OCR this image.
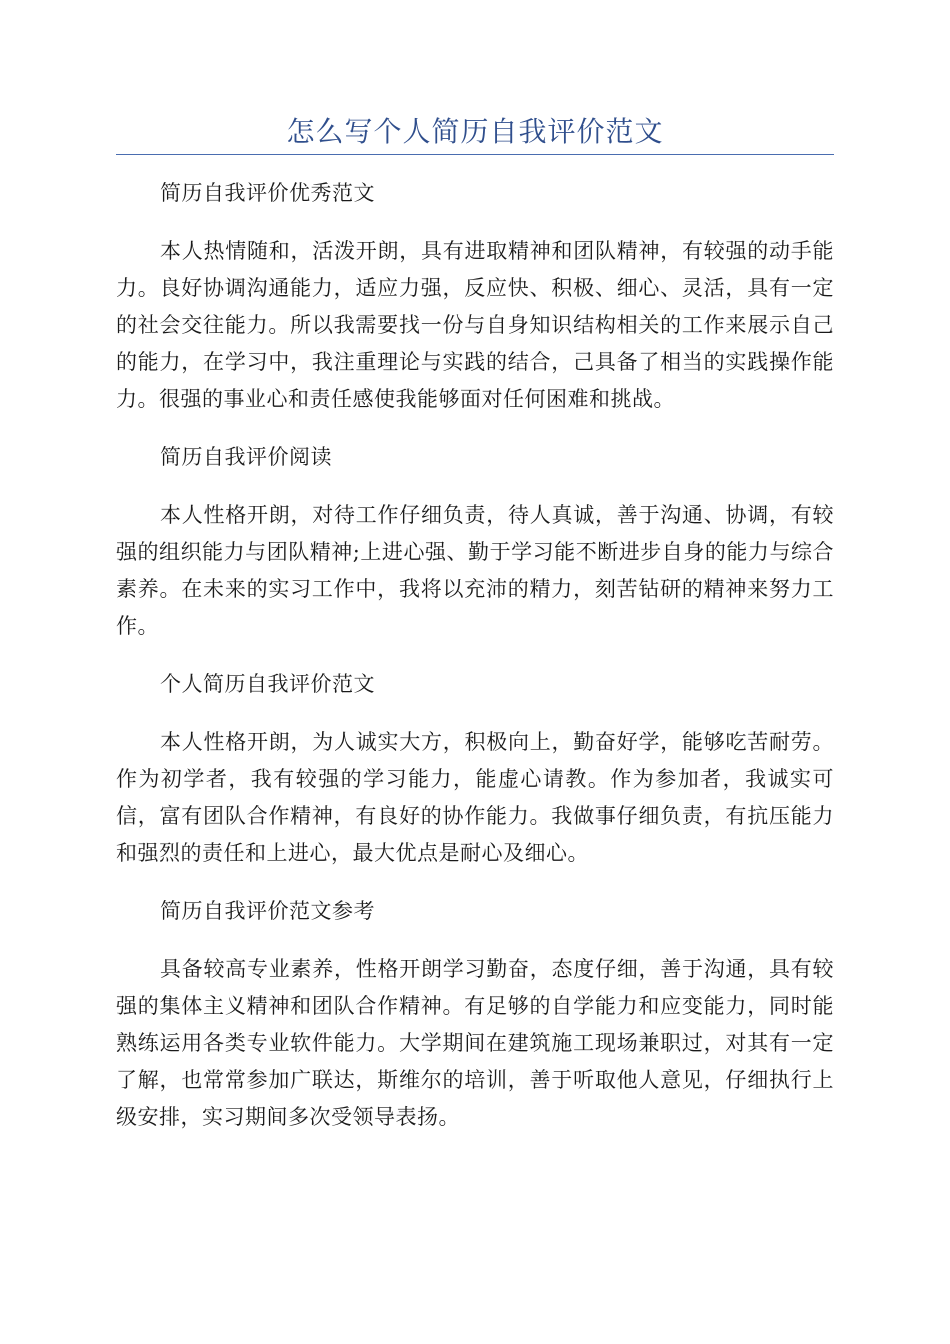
怎么写个人简历自我评价范文

简历自我评价优秀范文

本人热情随和，活泼开朗，具有进取精神和团队精神，有较强的动手能力。良好协调沟通能力，适应力强，反应快、积极、细心、灵活，具有一定的社会交往能力。所以我需要找一份与自身知识结构相关的工作来展示自己的能力，在学习中，我注重理论与实践的结合，己具备了相当的实践操作能力。很强的事业心和责任感使我能够面对任何困难和挑战。

简历自我评价阅读

本人性格开朗，对待工作仔细负责，待人真诚，善于沟通、协调，有较强的组织能力与团队精神;上进心强、勤于学习能不断进步自身的能力与综合素养。在未来的实习工作中，我将以充沛的精力，刻苦钻研的精神来努力工作。

个人简历自我评价范文

本人性格开朗，为人诚实大方，积极向上，勤奋好学，能够吃苦耐劳。作为初学者，我有较强的学习能力，能虚心请教。作为参加者，我诚实可信，富有团队合作精神，有良好的协作能力。我做事仔细负责，有抗压能力和强烈的责任和上进心，最大优点是耐心及细心。

简历自我评价范文参考

具备较高专业素养，性格开朗学习勤奋，态度仔细，善于沟通，具有较强的集体主义精神和团队合作精神。有足够的自学能力和应变能力，同时能熟练运用各类专业软件能力。大学期间在建筑施工现场兼职过，对其有一定了解，也常常参加广联达，斯维尔的培训，善于听取他人意见，仔细执行上级安排，实习期间多次受领导表扬。
